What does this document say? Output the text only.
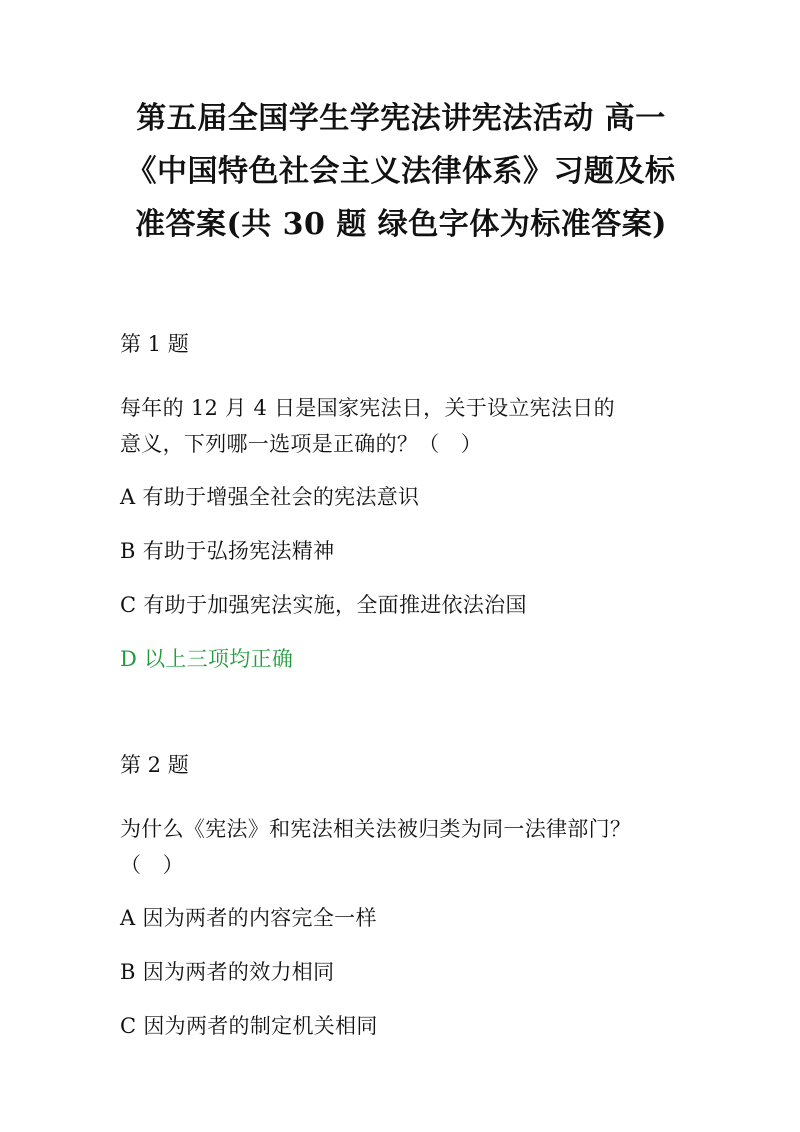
第五届全国学生学宪法讲宪法活动 高一
《中国特色社会主义法律体系》习题及标
准答案(共 30 题 绿色字体为标准答案)
第 1 题
每年的 12 月 4 日是国家宪法日，关于设立宪法日的
意义，下列哪一选项是正确的？（　）
A 有助于增强全社会的宪法意识
B 有助于弘扬宪法精神
C 有助于加强宪法实施，全面推进依法治国
D 以上三项均正确
第 2 题
为什么《宪法》和宪法相关法被归类为同一法律部门？
（　）
A 因为两者的内容完全一样
B 因为两者的效力相同
C 因为两者的制定机关相同
